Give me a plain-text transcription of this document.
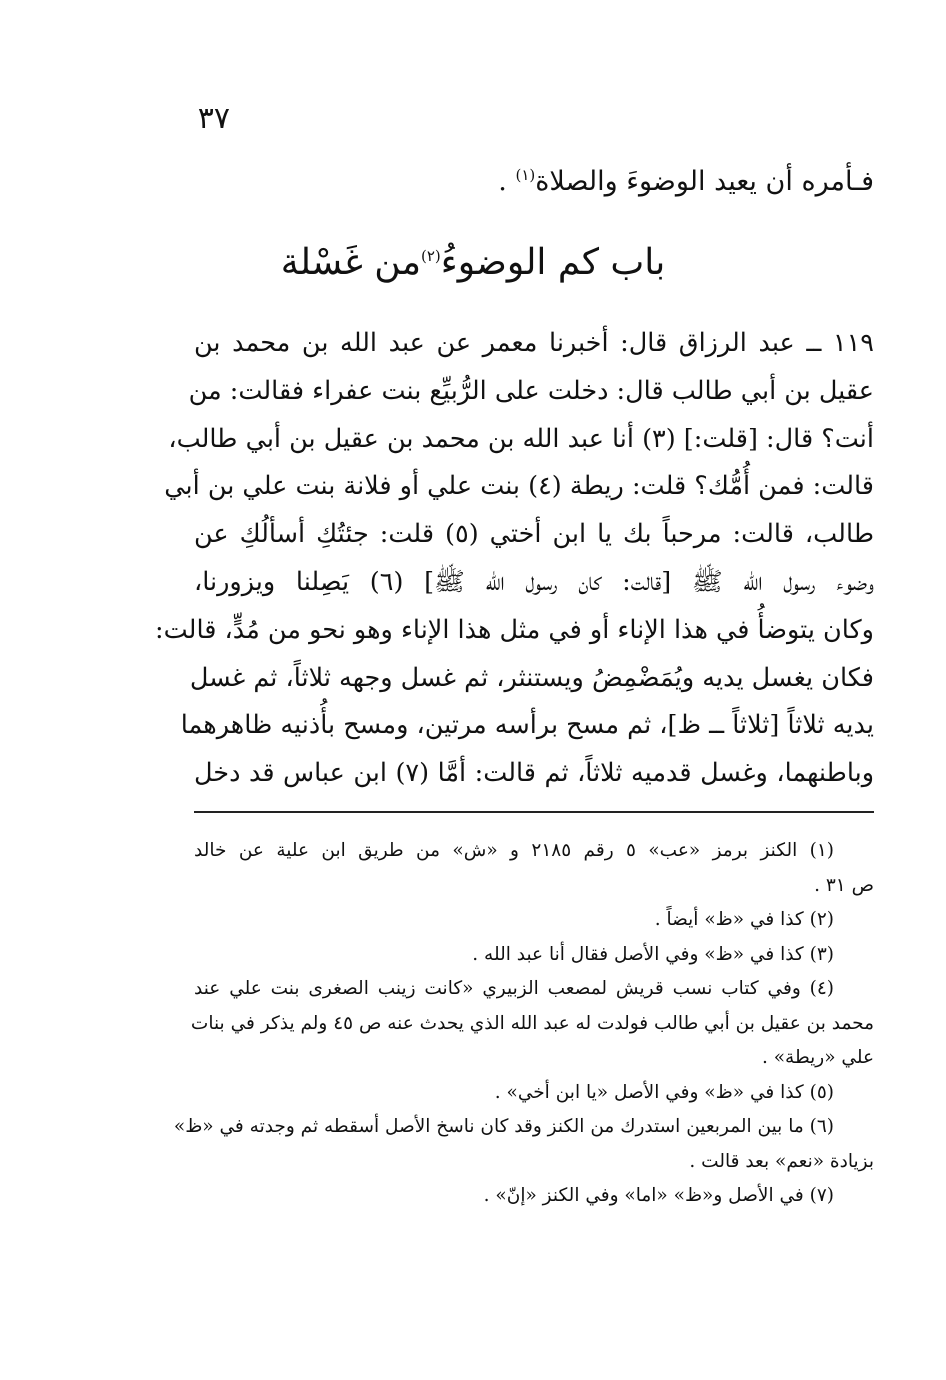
٣٧
فـأمره أن يعيد الوضوءَ والصلاة$^{(١)}$ .
باب كم الوضوءُ$^{(٢)}$من غَسْلة
١١٩ ــ عبد الرزاق قال: أخبرنا معمر عن عبد الله بن محمد بن
عقيل بن أبي طالب قال: دخلت على الرُّبيِّع بنت عفراء فقالت: من
أنت؟ قال: [قلت:] (٣) أنا عبد الله بن محمد بن عقيل بن أبي طالب،
قالت: فمن أُمُّك؟ قلت: ريطة (٤) بنت علي أو فلانة بنت علي بن أبي
طالب، قالت: مرحباً بك يا ابن أختي (٥) قلت: جئتُكِ أسألُكِ عن
وضوء رسول الله ﷺ [قالت: كان رسول الله ﷺ] (٦) يَصِلنا ويزورنا،
وكان يتوضأُ في هذا الإناء أو في مثل هذا الإناء وهو نحو من مُدٍّ، قالت:
فكان يغسل يديه ويُمَضْمِضُ ويستنثر، ثم غسل وجهه ثلاثاً، ثم غسل
يديه ثلاثاً [ثلاثاً ــ ظ]، ثم مسح برأسه مرتين، ومسح بأُذنيه ظاهرهما
وباطنهما، وغسل قدميه ثلاثاً، ثم قالت: أمَّا (٧) ابن عباس قد دخل
(١) الكنز برمز «عب» ٥ رقم ٢١٨٥ و «ش» من طريق ابن علية عن خالد
ص ٣١ .
(٢) كذا في «ظ» أيضاً .
(٣) كذا في «ظ» وفي الأصل فقال أنا عبد الله .
(٤) وفي كتاب نسب قريش لمصعب الزبيري «كانت زينب الصغرى بنت علي عند
محمد بن عقيل بن أبي طالب فولدت له عبد الله الذي يحدث عنه ص ٤٥ ولم يذكر في بنات
علي «ريطة» .
(٥) كذا في «ظ» وفي الأصل «يا ابن أخي» .
(٦) ما بين المربعين استدرك من الكنز وقد كان ناسخ الأصل أسقطه ثم وجدته في «ظ»
بزيادة «نعم» بعد قالت .
(٧) في الأصل و«ظ» «اما» وفي الكنز «إنّ» .
